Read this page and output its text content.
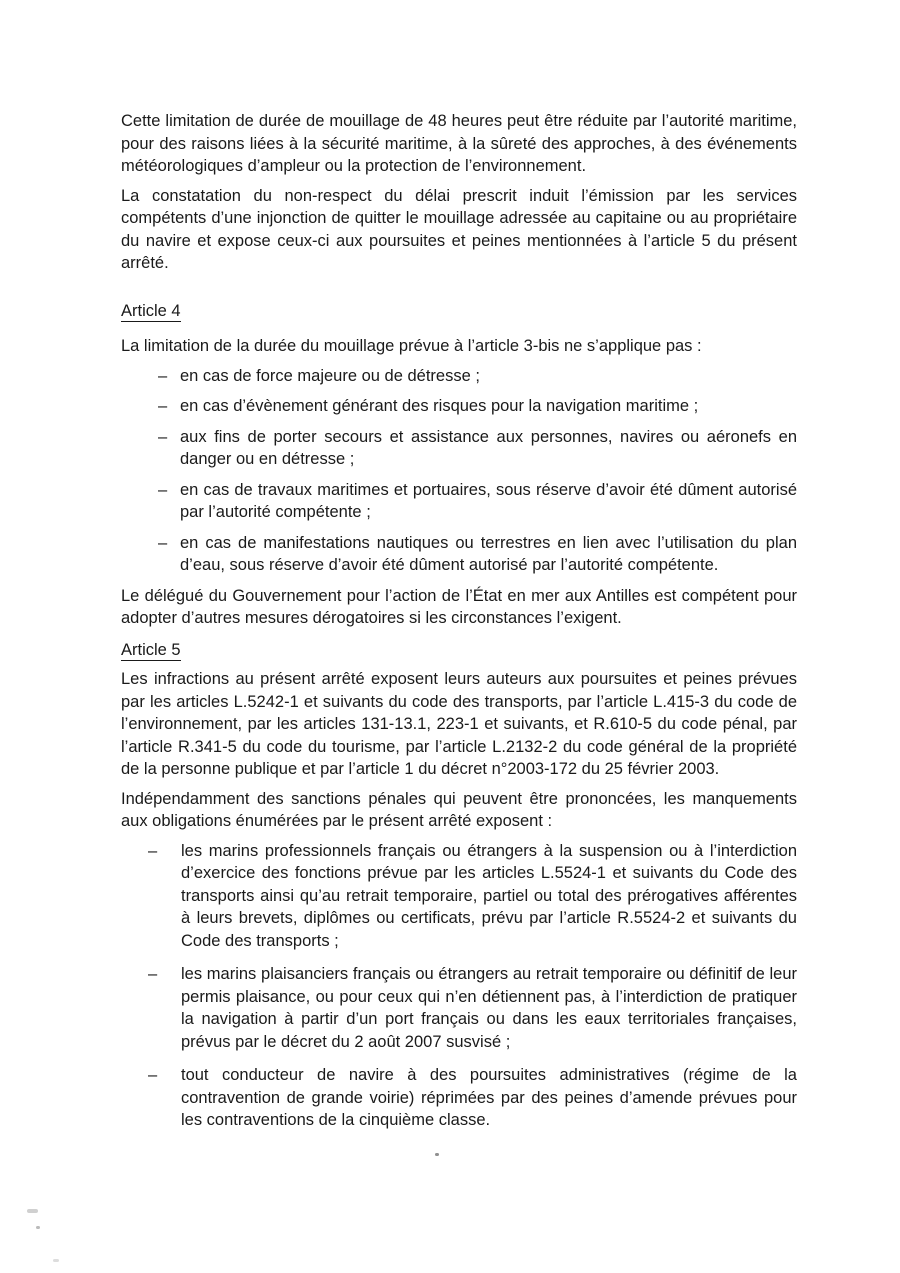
Cette limitation de durée de mouillage de 48 heures peut être réduite par l’autorité maritime, pour des raisons liées à la sécurité maritime, à la sûreté des approches, à des événements météorologiques d’ampleur ou la protection de l’environnement.

La constatation du non-respect du délai prescrit induit l’émission par les services compétents d’une injonction de quitter le mouillage adressée au capitaine ou au propriétaire du navire et expose ceux-ci aux poursuites et peines mentionnées à l’article 5 du présent arrêté.

Article 4

La limitation de la durée du mouillage prévue à l’article 3-bis ne s’applique pas :

– en cas de force majeure ou de détresse ;
– en cas d’évènement générant des risques pour la navigation maritime ;
– aux fins de porter secours et assistance aux personnes, navires ou aéronefs en danger ou en détresse ;
– en cas de travaux maritimes et portuaires, sous réserve d’avoir été dûment autorisé par l’autorité compétente ;
– en cas de manifestations nautiques ou terrestres en lien avec l’utilisation du plan d’eau, sous réserve d’avoir été dûment autorisé par l’autorité compétente.

Le délégué du Gouvernement pour l’action de l’État en mer aux Antilles est compétent pour adopter d’autres mesures dérogatoires si les circonstances l’exigent.

Article 5

Les infractions au présent arrêté exposent leurs auteurs aux poursuites et peines prévues par les articles L.5242-1 et suivants du code des transports, par l’article L.415-3 du code de l’environnement, par les articles 131-13.1, 223-1 et suivants, et R.610-5 du code pénal, par l’article R.341-5 du code du tourisme, par l’article L.2132-2 du code général de la propriété de la personne publique et par l’article 1 du décret n°2003-172 du 25 février 2003.

Indépendamment des sanctions pénales qui peuvent être prononcées, les manquements aux obligations énumérées par le présent arrêté exposent :

–	les marins professionnels français ou étrangers à la suspension ou à l’interdiction d’exercice des fonctions prévue par les articles L.5524-1 et suivants du Code des transports ainsi qu’au retrait temporaire, partiel ou total des prérogatives afférentes à leurs brevets, diplômes ou certificats, prévu par l’article R.5524-2 et suivants du Code des transports ;
–	les marins plaisanciers français ou étrangers au retrait temporaire ou définitif de leur permis plaisance, ou pour ceux qui n’en détiennent pas, à l’interdiction de pratiquer la navigation à partir d’un port français ou dans les eaux territoriales françaises, prévus par le décret du 2 août 2007 susvisé ;
–	tout conducteur de navire à des poursuites administratives (régime de la contravention de grande voirie) réprimées par des peines d’amende prévues pour les contraventions de la cinquième classe.
